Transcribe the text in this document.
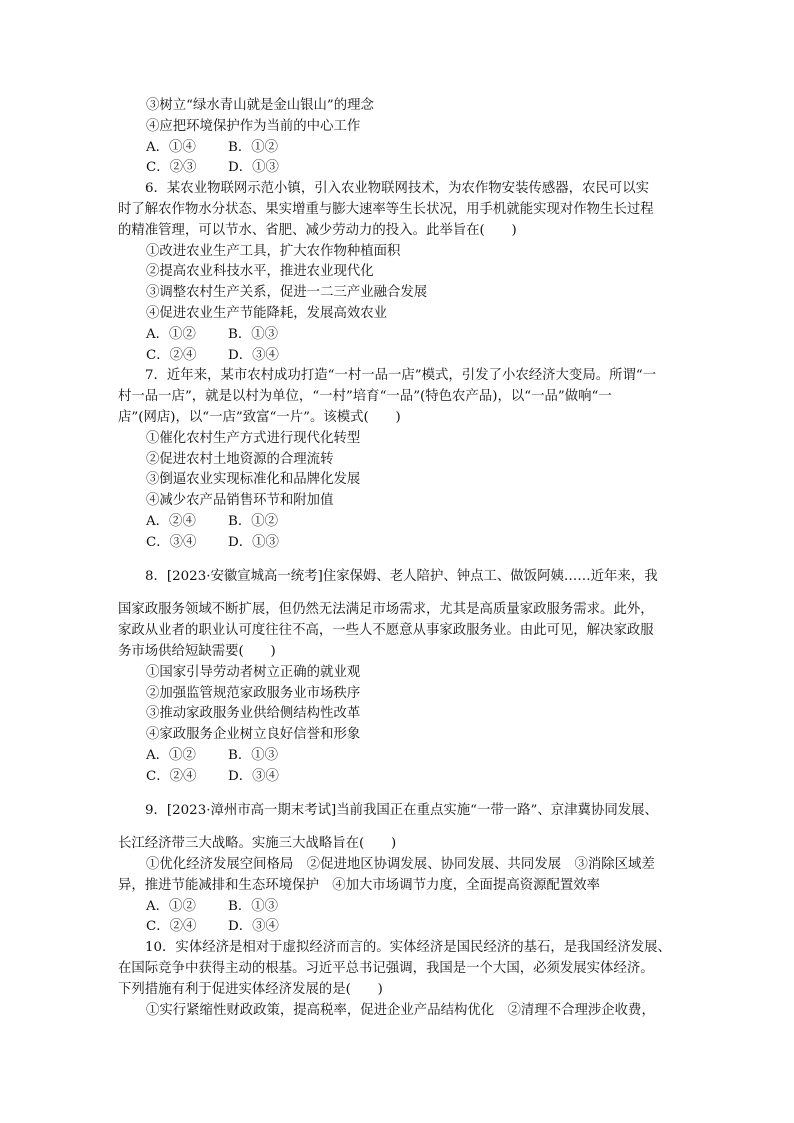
③树立“绿水青山就是金山银山”的理念
④应把环境保护作为当前的中心工作
A．①④ B．①②
C．②③ D．①③
6．某农业物联网示范小镇，引入农业物联网技术，为农作物安装传感器，农民可以实
时了解农作物水分状态、果实增重与膨大速率等生长状况，用手机就能实现对作物生长过程
的精准管理，可以节水、省肥、减少劳动力的投入。此举旨在(　　)
①改进农业生产工具，扩大农作物种植面积
②提高农业科技水平，推进农业现代化
③调整农村生产关系，促进一二三产业融合发展
④促进农业生产节能降耗，发展高效农业
A．①② B．①③
C．②④ D．③④
7．近年来，某市农村成功打造“一村一品一店”模式，引发了小农经济大变局。所谓“一
村一品一店”，就是以村为单位，“一村”培育“一品”(特色农产品)，以“一品”做响“一
店”(网店)，以“一店”致富“一片”。该模式(　　)
①催化农村生产方式进行现代化转型
②促进农村土地资源的合理流转
③倒逼农业实现标准化和品牌化发展
④减少农产品销售环节和附加值
A．②④ B．①②
C．③④ D．①③
8．[2023·安徽宣城高一统考]住家保姆、老人陪护、钟点工、做饭阿姨……近年来，我
国家政服务领域不断扩展，但仍然无法满足市场需求，尤其是高质量家政服务需求。此外，
家政从业者的职业认可度往往不高，一些人不愿意从事家政服务业。由此可见，解决家政服
务市场供给短缺需要(　　)
①国家引导劳动者树立正确的就业观
②加强监管规范家政服务业市场秩序
③推动家政服务业供给侧结构性改革
④家政服务企业树立良好信誉和形象
A．①② B．①③
C．②④ D．③④
9．[2023·漳州市高一期末考试]当前我国正在重点实施“一带一路”、京津冀协同发展、
长江经济带三大战略。实施三大战略旨在(　　)
①优化经济发展空间格局　②促进地区协调发展、协同发展、共同发展　③消除区域差
异，推进节能减排和生态环境保护　④加大市场调节力度，全面提高资源配置效率
A．①② B．①③
C．②④ D．③④
10．实体经济是相对于虚拟经济而言的。实体经济是国民经济的基石，是我国经济发展、
在国际竞争中获得主动的根基。习近平总书记强调，我国是一个大国，必须发展实体经济。
下列措施有利于促进实体经济发展的是(　　)
①实行紧缩性财政政策，提高税率，促进企业产品结构优化　②清理不合理涉企收费，
